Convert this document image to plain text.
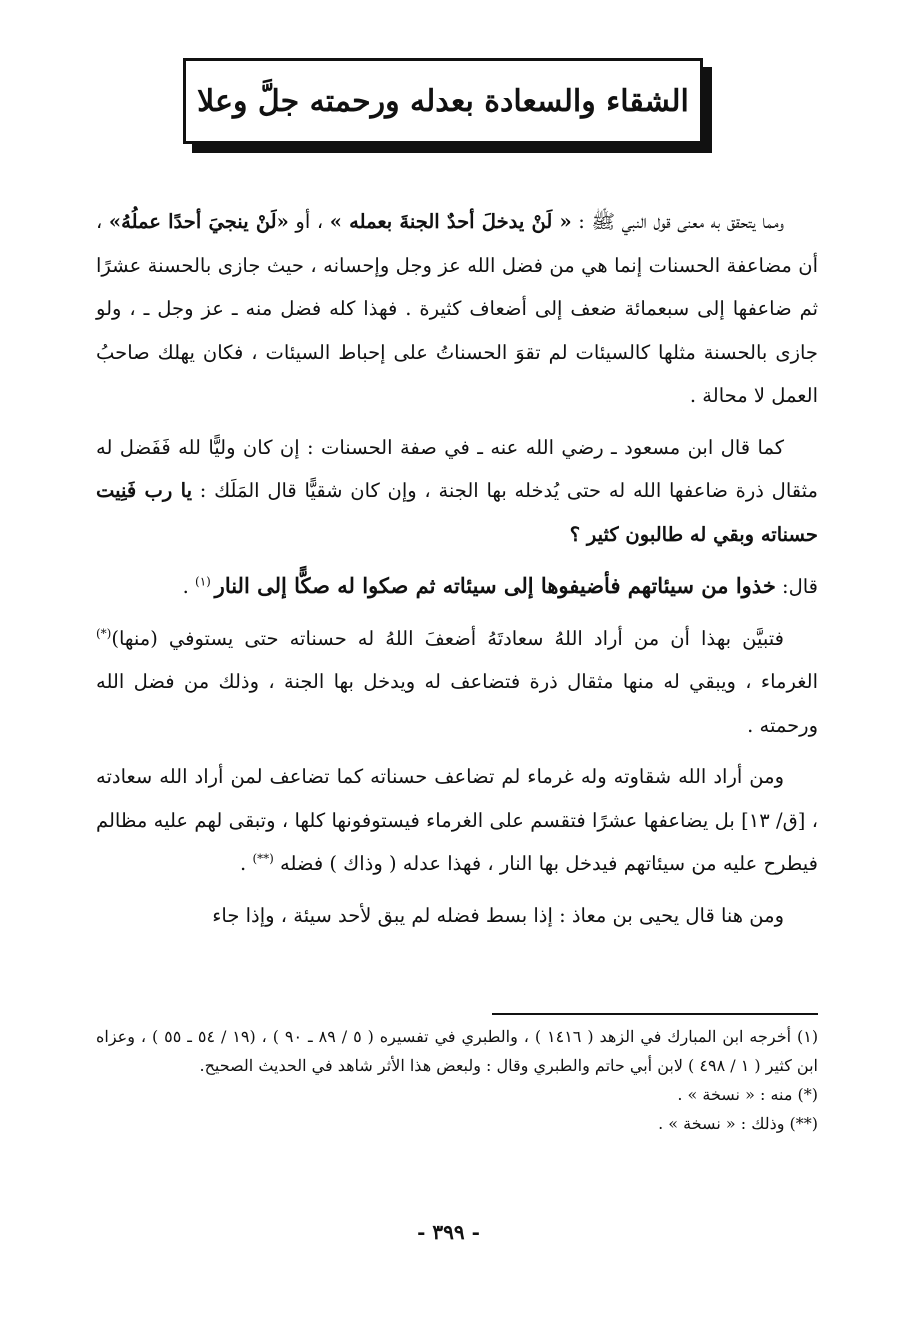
الشقاء والسعادة بعدله ورحمته جلَّ وعلا

ومما يتحقق به معنى قول النبي ﷺ : « لَنْ يدخلَ أحدٌ الجنةَ بعمله » ، أو «لَنْ ينجيَ أحدًا عملُهُ» ، أن مضاعفة الحسنات إنما هي من فضل الله عز وجل وإحسانه ، حيث جازى بالحسنة عشرًا ثم ضاعفها إلى سبعمائة ضعف إلى أضعاف كثيرة . فهذا كله فضل منه ـ عز وجل ـ ، ولو جازى بالحسنة مثلها كالسيئات لم تقوَ الحسناتُ على إحباط السيئات ، فكان يهلك صاحبُ العمل لا محالة .

كما قال ابن مسعود ـ رضي الله عنه ـ في صفة الحسنات : إن كان وليًّا لله فَفَضل له مثقال ذرة ضاعفها الله له حتى يُدخله بها الجنة ، وإن كان شقيًّا قال المَلَك : يا رب فَنِيت حسناته وبقي له طالبون كثير ؟

قال: خذوا من سيئاتهم فأضيفوها إلى سيئاته ثم صكوا له صكًّا إلى النار $^{(١)}$ .

فتبيَّن بهذا أن من أراد اللهُ سعادتَهُ أضعفَ اللهُ له حسناته حتى يستوفي (منها)(*) الغرماء ، ويبقي له منها مثقال ذرة فتضاعف له ويدخل بها الجنة ، وذلك من فضل الله ورحمته .

ومن أراد الله شقاوته وله غرماء لم تضاعف حسناته كما تضاعف لمن أراد الله سعادته ، [ق/ ١٣] بل يضاعفها عشرًا فتقسم على الغرماء فيستوفونها كلها ، وتبقى لهم عليه مظالم فيطرح عليه من سيئاتهم فيدخل بها النار ، فهذا عدله ( وذاك ) فضله (**) .

ومن هنا قال يحيى بن معاذ : إذا بسط فضله لم يبق لأحد سيئة ، وإذا جاء

(١) أخرجه ابن المبارك في الزهد ( ١٤١٦ ) ، والطبري في تفسيره ( ٥ / ٨٩ ـ ٩٠ ) ، (١٩ / ٥٤ ـ ٥٥ ) ، وعزاه ابن كثير ( ١ / ٤٩٨ ) لابن أبي حاتم والطبري وقال : ولبعض هذا الأثر شاهد في الحديث الصحيح.

(*) منه : « نسخة » .

(**) وذلك : « نسخة » .

- ٣٩٩ -
